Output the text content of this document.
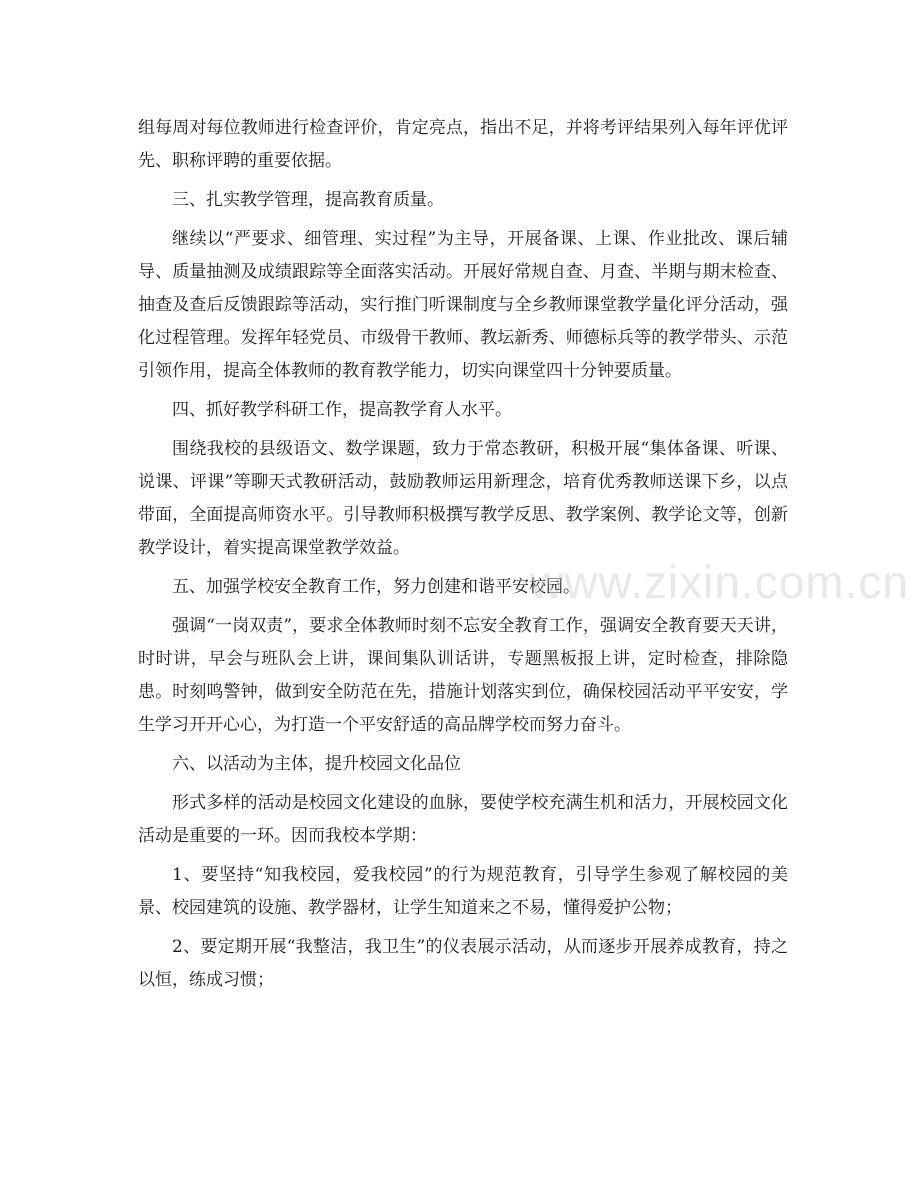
组每周对每位教师进行检查评价，肯定亮点，指出不足，并将考评结果列入每年评优评先、职称评聘的重要依据。

三、扎实教学管理，提高教育质量。

继续以“严要求、细管理、实过程”为主导，开展备课、上课、作业批改、课后辅导、质量抽测及成绩跟踪等全面落实活动。开展好常规自查、月查、半期与期末检查、抽查及查后反馈跟踪等活动，实行推门听课制度与全乡教师课堂教学量化评分活动，强化过程管理。发挥年轻党员、市级骨干教师、教坛新秀、师德标兵等的教学带头、示范引领作用，提高全体教师的教育教学能力，切实向课堂四十分钟要质量。

四、抓好教学科研工作，提高教学育人水平。

围绕我校的县级语文、数学课题，致力于常态教研，积极开展“集体备课、听课、说课、评课”等聊天式教研活动，鼓励教师运用新理念，培育优秀教师送课下乡，以点带面，全面提高师资水平。引导教师积极撰写教学反思、教学案例、教学论文等，创新教学设计，着实提高课堂教学效益。

五、加强学校安全教育工作，努力创建和谐平安校园。

强调“一岗双责”，要求全体教师时刻不忘安全教育工作，强调安全教育要天天讲，时时讲，早会与班队会上讲，课间集队训话讲，专题黑板报上讲，定时检查，排除隐患。时刻鸣警钟，做到安全防范在先，措施计划落实到位，确保校园活动平平安安，学生学习开开心心，为打造一个平安舒适的高品牌学校而努力奋斗。

六、以活动为主体，提升校园文化品位

形式多样的活动是校园文化建设的血脉，要使学校充满生机和活力，开展校园文化活动是重要的一环。因而我校本学期：

1、要坚持“知我校园，爱我校园”的行为规范教育，引导学生参观了解校园的美景、校园建筑的设施、教学器材，让学生知道来之不易，懂得爱护公物；

2、要定期开展“我整洁，我卫生”的仪表展示活动，从而逐步开展养成教育，持之以恒，练成习惯；

www.zixin.com.cn
